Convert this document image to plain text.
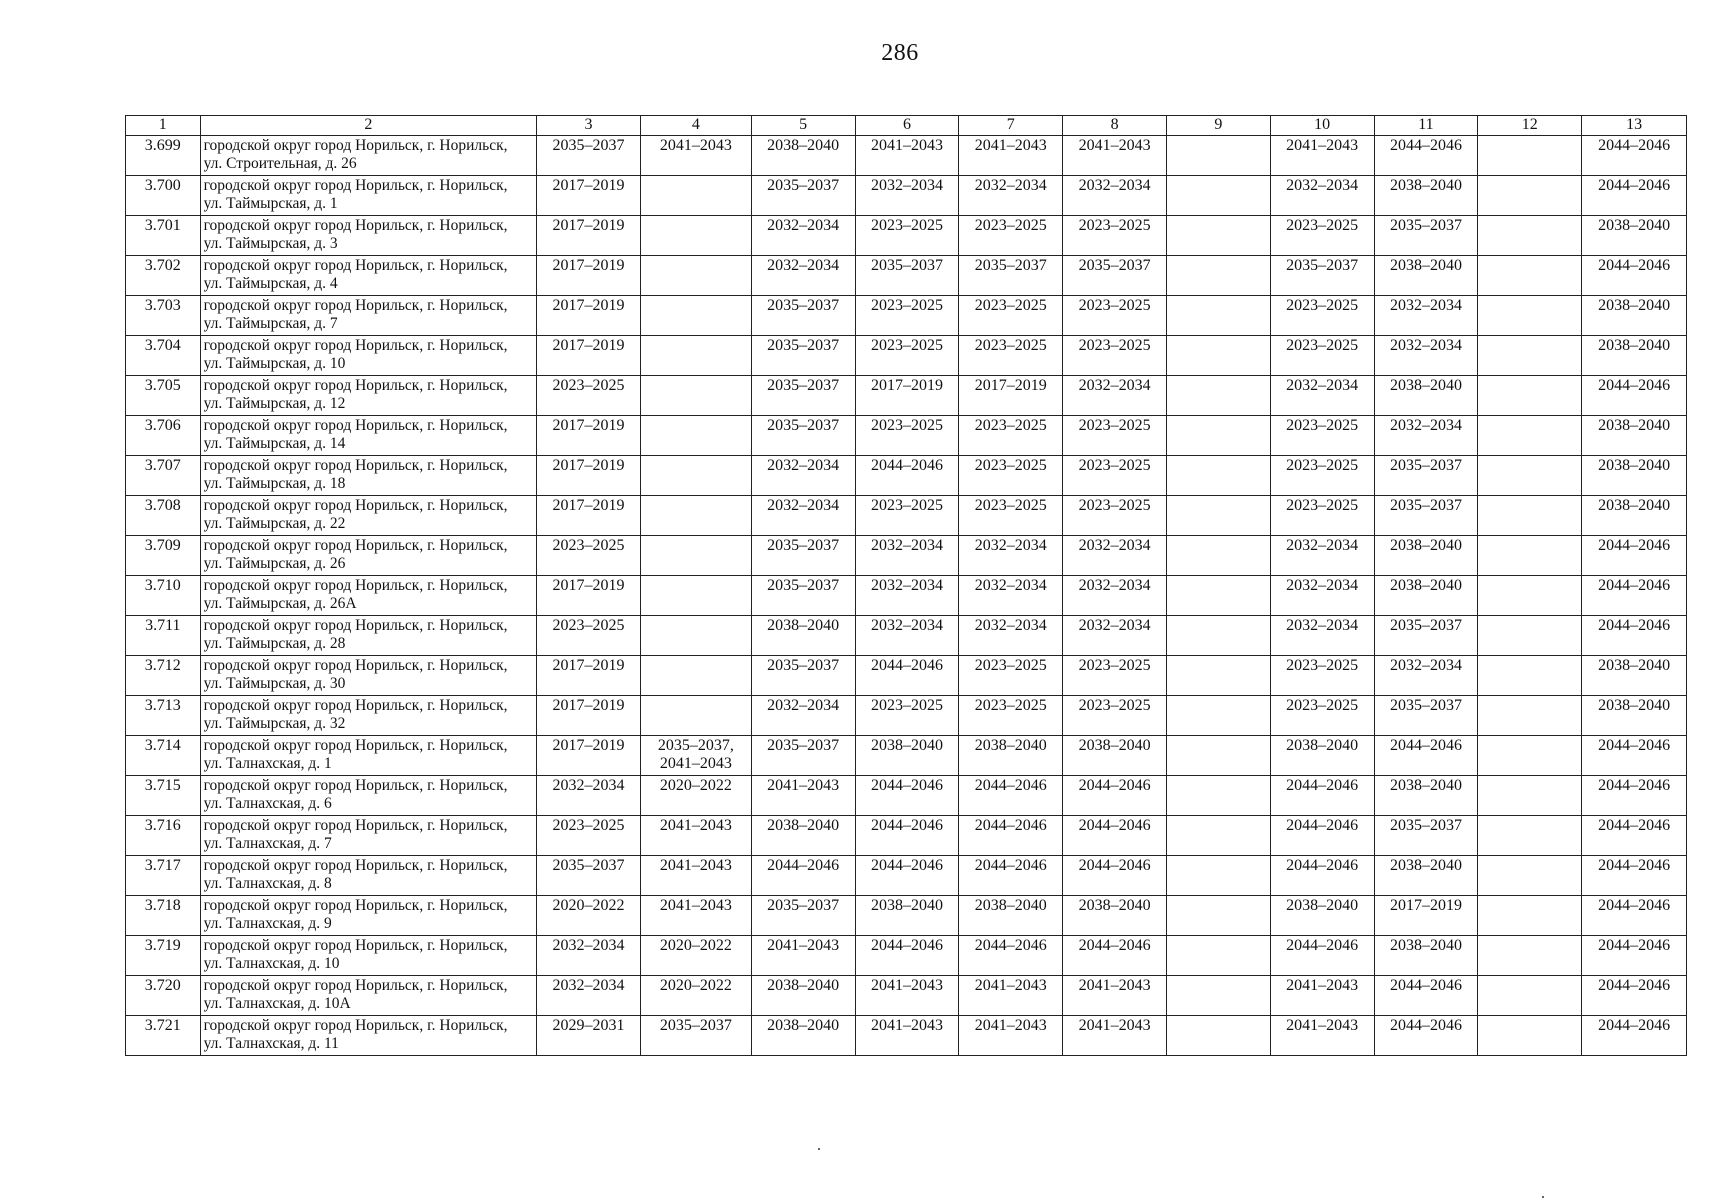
286
1	2	3	4	5	6	7	8	9	10	11	12	13
3.699	городской округ город Норильск, г. Норильск,
ул. Строительная, д. 26	2035–2037	2041–2043	2038–2040	2041–2043	2041–2043	2041–2043		2041–2043	2044–2046		2044–2046
3.700	городской округ город Норильск, г. Норильск,
ул. Таймырская, д. 1	2017–2019		2035–2037	2032–2034	2032–2034	2032–2034		2032–2034	2038–2040		2044–2046
3.701	городской округ город Норильск, г. Норильск,
ул. Таймырская, д. 3	2017–2019		2032–2034	2023–2025	2023–2025	2023–2025		2023–2025	2035–2037		2038–2040
3.702	городской округ город Норильск, г. Норильск,
ул. Таймырская, д. 4	2017–2019		2032–2034	2035–2037	2035–2037	2035–2037		2035–2037	2038–2040		2044–2046
3.703	городской округ город Норильск, г. Норильск,
ул. Таймырская, д. 7	2017–2019		2035–2037	2023–2025	2023–2025	2023–2025		2023–2025	2032–2034		2038–2040
3.704	городской округ город Норильск, г. Норильск,
ул. Таймырская, д. 10	2017–2019		2035–2037	2023–2025	2023–2025	2023–2025		2023–2025	2032–2034		2038–2040
3.705	городской округ город Норильск, г. Норильск,
ул. Таймырская, д. 12	2023–2025		2035–2037	2017–2019	2017–2019	2032–2034		2032–2034	2038–2040		2044–2046
3.706	городской округ город Норильск, г. Норильск,
ул. Таймырская, д. 14	2017–2019		2035–2037	2023–2025	2023–2025	2023–2025		2023–2025	2032–2034		2038–2040
3.707	городской округ город Норильск, г. Норильск,
ул. Таймырская, д. 18	2017–2019		2032–2034	2044–2046	2023–2025	2023–2025		2023–2025	2035–2037		2038–2040
3.708	городской округ город Норильск, г. Норильск,
ул. Таймырская, д. 22	2017–2019		2032–2034	2023–2025	2023–2025	2023–2025		2023–2025	2035–2037		2038–2040
3.709	городской округ город Норильск, г. Норильск,
ул. Таймырская, д. 26	2023–2025		2035–2037	2032–2034	2032–2034	2032–2034		2032–2034	2038–2040		2044–2046
3.710	городской округ город Норильск, г. Норильск,
ул. Таймырская, д. 26А	2017–2019		2035–2037	2032–2034	2032–2034	2032–2034		2032–2034	2038–2040		2044–2046
3.711	городской округ город Норильск, г. Норильск,
ул. Таймырская, д. 28	2023–2025		2038–2040	2032–2034	2032–2034	2032–2034		2032–2034	2035–2037		2044–2046
3.712	городской округ город Норильск, г. Норильск,
ул. Таймырская, д. 30	2017–2019		2035–2037	2044–2046	2023–2025	2023–2025		2023–2025	2032–2034		2038–2040
3.713	городской округ город Норильск, г. Норильск,
ул. Таймырская, д. 32	2017–2019		2032–2034	2023–2025	2023–2025	2023–2025		2023–2025	2035–2037		2038–2040
3.714	городской округ город Норильск, г. Норильск,
ул. Талнахская, д. 1	2017–2019	2035–2037,
2041–2043	2035–2037	2038–2040	2038–2040	2038–2040		2038–2040	2044–2046		2044–2046
3.715	городской округ город Норильск, г. Норильск,
ул. Талнахская, д. 6	2032–2034	2020–2022	2041–2043	2044–2046	2044–2046	2044–2046		2044–2046	2038–2040		2044–2046
3.716	городской округ город Норильск, г. Норильск,
ул. Талнахская, д. 7	2023–2025	2041–2043	2038–2040	2044–2046	2044–2046	2044–2046		2044–2046	2035–2037		2044–2046
3.717	городской округ город Норильск, г. Норильск,
ул. Талнахская, д. 8	2035–2037	2041–2043	2044–2046	2044–2046	2044–2046	2044–2046		2044–2046	2038–2040		2044–2046
3.718	городской округ город Норильск, г. Норильск,
ул. Талнахская, д. 9	2020–2022	2041–2043	2035–2037	2038–2040	2038–2040	2038–2040		2038–2040	2017–2019		2044–2046
3.719	городской округ город Норильск, г. Норильск,
ул. Талнахская, д. 10	2032–2034	2020–2022	2041–2043	2044–2046	2044–2046	2044–2046		2044–2046	2038–2040		2044–2046
3.720	городской округ город Норильск, г. Норильск,
ул. Талнахская, д. 10А	2032–2034	2020–2022	2038–2040	2041–2043	2041–2043	2041–2043		2041–2043	2044–2046		2044–2046
3.721	городской округ город Норильск, г. Норильск,
ул. Талнахская, д. 11	2029–2031	2035–2037	2038–2040	2041–2043	2041–2043	2041–2043		2041–2043	2044–2046		2044–2046
